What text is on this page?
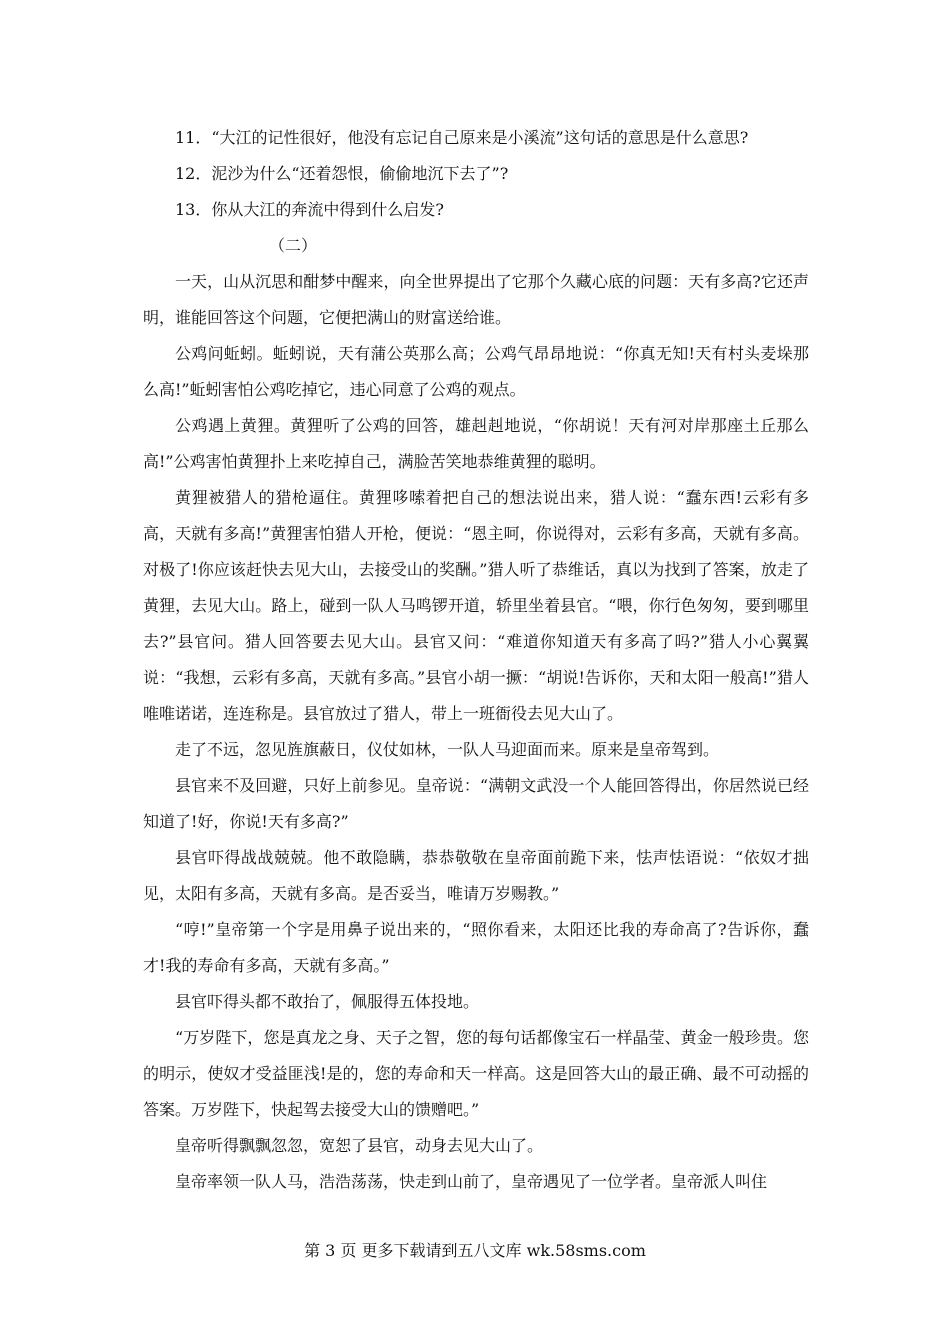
11．“大江的记性很好，他没有忘记自己原来是小溪流”这句话的意思是什么意思?

12．泥沙为什么“还着怨恨，偷偷地沉下去了”?

13．你从大江的奔流中得到什么启发?

（二）

一天，山从沉思和酣梦中醒来，向全世界提出了它那个久藏心底的问题：天有多高?它还声明，谁能回答这个问题，它便把满山的财富送给谁。

公鸡问蚯蚓。蚯蚓说，天有蒲公英那么高；公鸡气昂昂地说：“你真无知!天有村头麦垛那么高!”蚯蚓害怕公鸡吃掉它，违心同意了公鸡的观点。

公鸡遇上黄狸。黄狸听了公鸡的回答，雄赳赳地说，“你胡说！天有河对岸那座土丘那么高!”公鸡害怕黄狸扑上来吃掉自己，满脸苦笑地恭维黄狸的聪明。

黄狸被猎人的猎枪逼住。黄狸哆嗦着把自己的想法说出来，猎人说：“蠢东西!云彩有多高，天就有多高!”黄狸害怕猎人开枪，便说：“恩主呵，你说得对，云彩有多高，天就有多高。对极了!你应该赶快去见大山，去接受山的奖酬。”猎人听了恭维话，真以为找到了答案，放走了黄狸，去见大山。路上，碰到一队人马鸣锣开道，轿里坐着县官。“喂，你行色匆匆，要到哪里去?”县官问。猎人回答要去见大山。县官又问：“难道你知道天有多高了吗?”猎人小心翼翼说：“我想，云彩有多高，天就有多高。”县官小胡一撅：“胡说!告诉你，天和太阳一般高!”猎人唯唯诺诺，连连称是。县官放过了猎人，带上一班衙役去见大山了。

走了不远，忽见旌旗蔽日，仪仗如林，一队人马迎面而来。原来是皇帝驾到。

县官来不及回避，只好上前参见。皇帝说：“满朝文武没一个人能回答得出，你居然说已经知道了!好，你说!天有多高?”

县官吓得战战兢兢。他不敢隐瞒，恭恭敬敬在皇帝面前跪下来，怯声怯语说：“依奴才拙见，太阳有多高，天就有多高。是否妥当，唯请万岁赐教。”

“哼!”皇帝第一个字是用鼻子说出来的，“照你看来，太阳还比我的寿命高了?告诉你，蠢才!我的寿命有多高，天就有多高。”

县官吓得头都不敢抬了，佩服得五体投地。

“万岁陛下，您是真龙之身、天子之智，您的每句话都像宝石一样晶莹、黄金一般珍贵。您的明示，使奴才受益匪浅!是的，您的寿命和天一样高。这是回答大山的最正确、最不可动摇的答案。万岁陛下，快起驾去接受大山的馈赠吧。”

皇帝听得飘飘忽忽，宽恕了县官，动身去见大山了。

皇帝率领一队人马，浩浩荡荡，快走到山前了，皇帝遇见了一位学者。皇帝派人叫住

第 3 页 更多下载请到五八文库 wk.58sms.com
